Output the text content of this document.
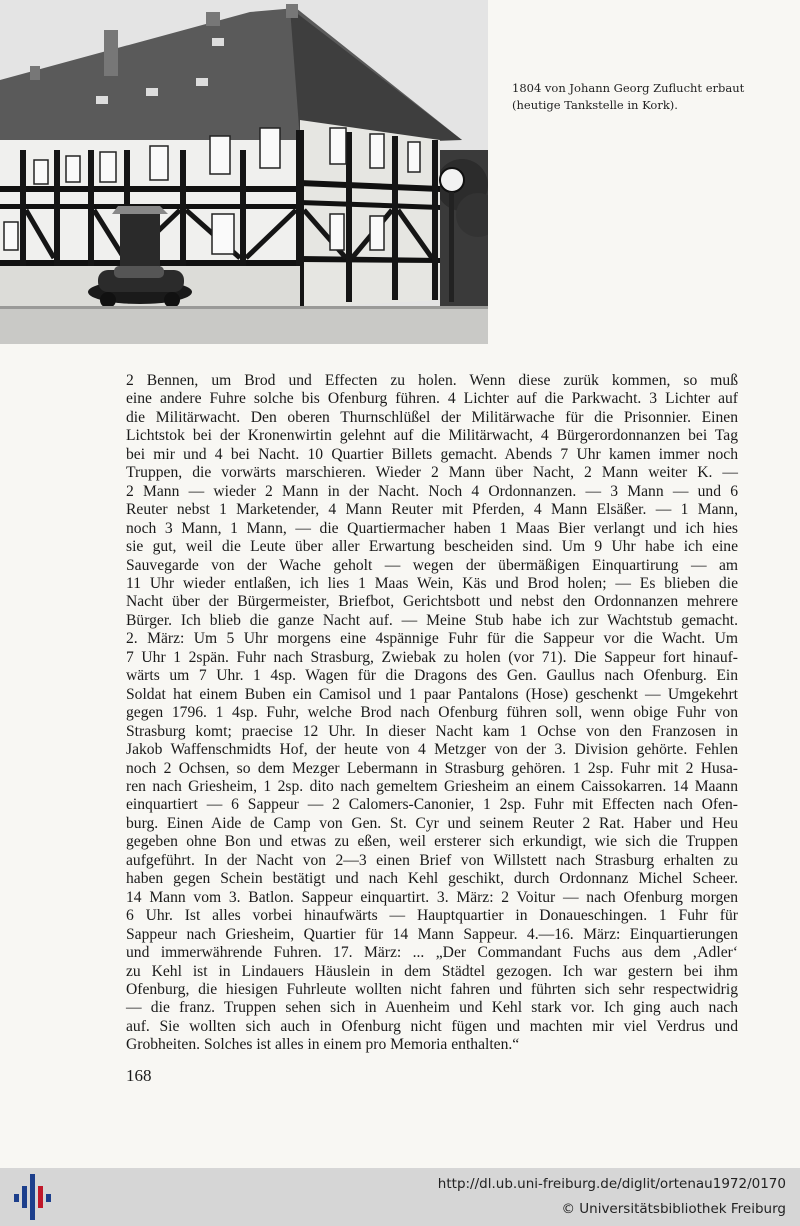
1804 von Johann Georg Zuflucht erbaut
(heutige Tankstelle in Kork).

2 Bennen, um Brod und Effecten zu holen. Wenn diese zurük kommen, so muß

eine andere Fuhre solche bis Ofenburg führen. 4 Lichter auf die Parkwacht. 3 Lichter auf

die Militärwacht. Den oberen Thurnschlüßel der Militärwache für die Prisonnier. Einen

Lichtstok bei der Kronenwirtin gelehnt auf die Militärwacht, 4 Bürgerordonnanzen bei Tag

bei mir und 4 bei Nacht. 10 Quartier Billets gemacht. Abends 7 Uhr kamen immer noch

Truppen, die vorwärts marschieren. Wieder 2 Mann über Nacht, 2 Mann weiter K. —

2 Mann — wieder 2 Mann in der Nacht. Noch 4 Ordonnanzen. — 3 Mann — und 6

Reuter nebst 1 Marketender, 4 Mann Reuter mit Pferden, 4 Mann Elsäßer. — 1 Mann,

noch 3 Mann, 1 Mann, — die Quartiermacher haben 1 Maas Bier verlangt und ich hies

sie gut, weil die Leute über aller Erwartung bescheiden sind. Um 9 Uhr habe ich eine

Sauvegarde von der Wache geholt — wegen der übermäßigen Einquartirung — am

11 Uhr wieder entlaßen, ich lies 1 Maas Wein, Käs und Brod holen; — Es blieben die

Nacht über der Bürgermeister, Briefbot, Gerichtsbott und nebst den Ordonnanzen mehrere

Bürger. Ich blieb die ganze Nacht auf. — Meine Stub habe ich zur Wachtstub gemacht.

2. März: Um 5 Uhr morgens eine 4spännige Fuhr für die Sappeur vor die Wacht. Um

7 Uhr 1 2spän. Fuhr nach Strasburg, Zwiebak zu holen (vor 71). Die Sappeur fort hinauf-

wärts um 7 Uhr. 1 4sp. Wagen für die Dragons des Gen. Gaullus nach Ofenburg. Ein

Soldat hat einem Buben ein Camisol und 1 paar Pantalons (Hose) geschenkt — Umgekehrt

gegen 1796. 1 4sp. Fuhr, welche Brod nach Ofenburg führen soll, wenn obige Fuhr von

Strasburg komt; praecise 12 Uhr. In dieser Nacht kam 1 Ochse von den Franzosen in

Jakob Waffenschmidts Hof, der heute von 4 Metzger von der 3. Division gehörte. Fehlen

noch 2 Ochsen, so dem Mezger Lebermann in Strasburg gehören. 1 2sp. Fuhr mit 2 Husa-

ren nach Griesheim, 1 2sp. dito nach gemeltem Griesheim an einem Caissokarren. 14 Maann

einquartiert — 6 Sappeur — 2 Calomers-Canonier, 1 2sp. Fuhr mit Effecten nach Ofen-

burg. Einen Aide de Camp von Gen. St. Cyr und seinem Reuter 2 Rat. Haber und Heu

gegeben ohne Bon und etwas zu eßen, weil ersterer sich erkundigt, wie sich die Truppen

aufgeführt. In der Nacht von 2—3 einen Brief von Willstett nach Strasburg erhalten zu

haben gegen Schein bestätigt und nach Kehl geschikt, durch Ordonnanz Michel Scheer.

14 Mann vom 3. Batlon. Sappeur einquartirt. 3. März: 2 Voitur — nach Ofenburg morgen

6 Uhr. Ist alles vorbei hinaufwärts — Hauptquartier in Donaueschingen. 1 Fuhr für

Sappeur nach Griesheim, Quartier für 14 Mann Sappeur. 4.—16. März: Einquartierungen

und immerwährende Fuhren. 17. März: ... „Der Commandant Fuchs aus dem ‚Adler‘

zu Kehl ist in Lindauers Häuslein in dem Städtel gezogen. Ich war gestern bei ihm

Ofenburg, die hiesigen Fuhrleute wollten nicht fahren und führten sich sehr respectwidrig

— die franz. Truppen sehen sich in Auenheim und Kehl stark vor. Ich ging auch nach

auf. Sie wollten sich auch in Ofenburg nicht fügen und machten mir viel Verdrus und

Grobheiten. Solches ist alles in einem pro Memoria enthalten.“

168
http://dl.ub.uni-freiburg.de/diglit/ortenau1972/0170
© Universitätsbibliothek Freiburg
